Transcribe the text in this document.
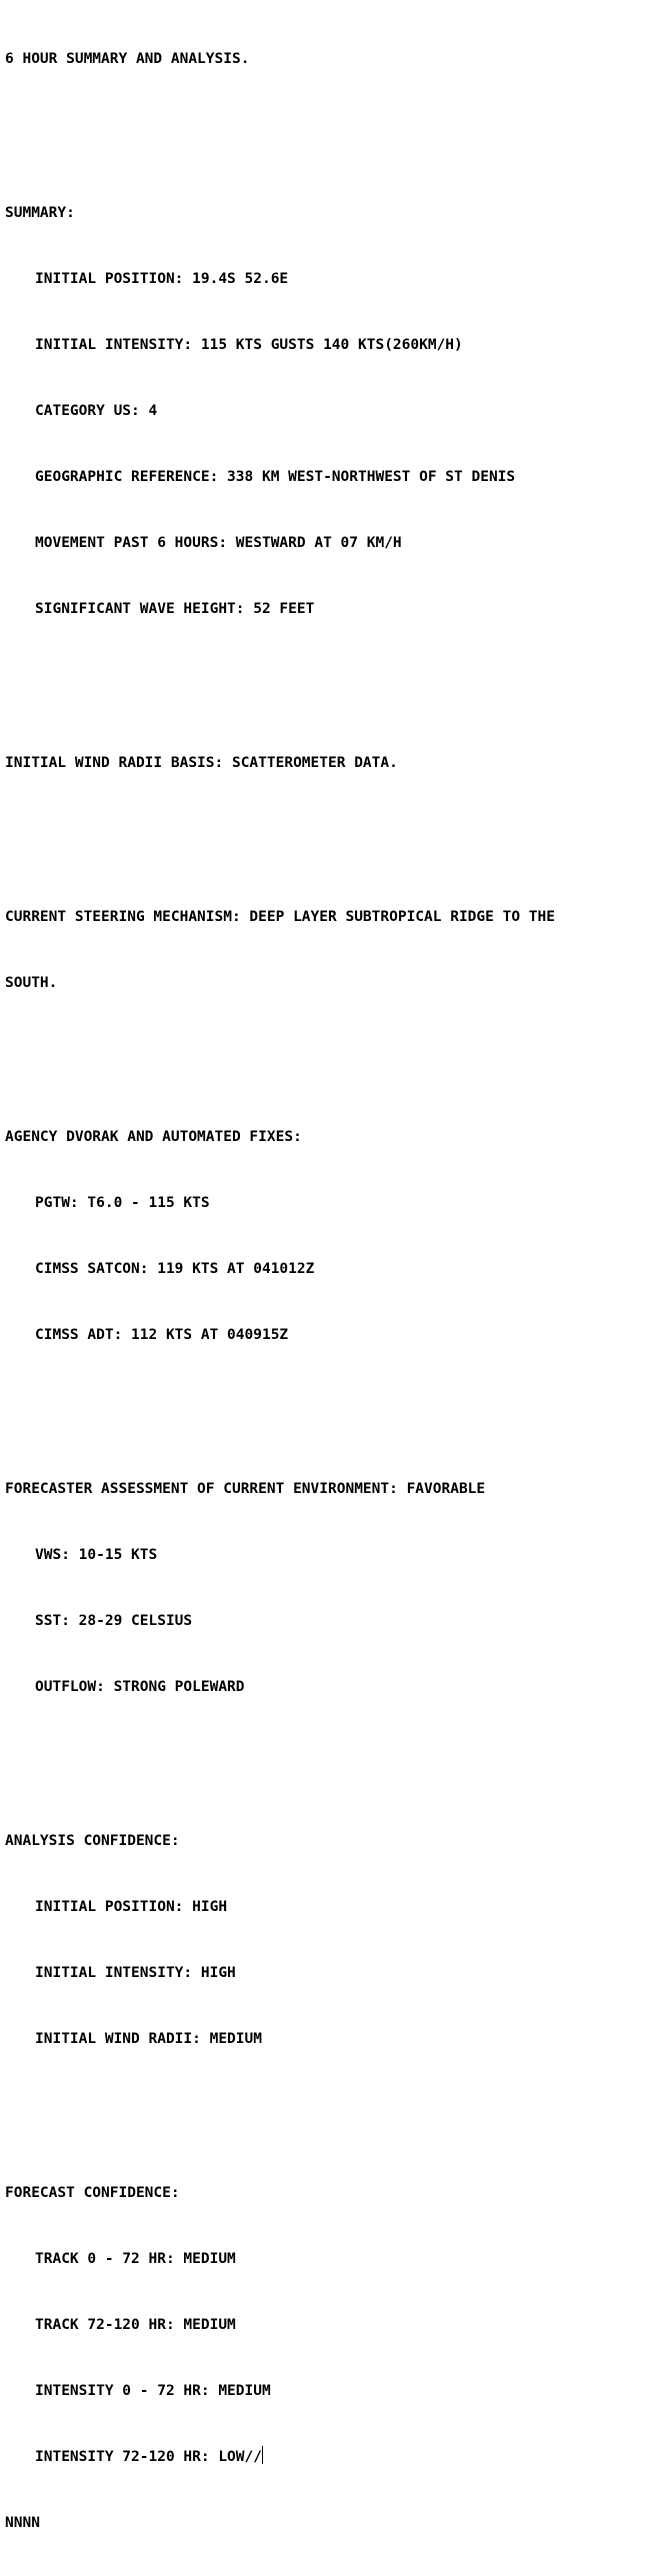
6 HOUR SUMMARY AND ANALYSIS.

SUMMARY:

INITIAL POSITION: 19.4S 52.6E

INITIAL INTENSITY: 115 KTS GUSTS 140 KTS(260KM/H)

CATEGORY US: 4

GEOGRAPHIC REFERENCE: 338 KM WEST-NORTHWEST OF ST DENIS

MOVEMENT PAST 6 HOURS: WESTWARD AT 07 KM/H

SIGNIFICANT WAVE HEIGHT: 52 FEET

INITIAL WIND RADII BASIS: SCATTEROMETER DATA.

CURRENT STEERING MECHANISM: DEEP LAYER SUBTROPICAL RIDGE TO THE

SOUTH.

AGENCY DVORAK AND AUTOMATED FIXES:

PGTW: T6.0 - 115 KTS

CIMSS SATCON: 119 KTS AT 041012Z

CIMSS ADT: 112 KTS AT 040915Z

FORECASTER ASSESSMENT OF CURRENT ENVIRONMENT: FAVORABLE

VWS: 10-15 KTS

SST: 28-29 CELSIUS

OUTFLOW: STRONG POLEWARD

ANALYSIS CONFIDENCE:

INITIAL POSITION: HIGH

INITIAL INTENSITY: HIGH

INITIAL WIND RADII: MEDIUM

FORECAST CONFIDENCE:

TRACK 0 - 72 HR: MEDIUM

TRACK 72-120 HR: MEDIUM

INTENSITY 0 - 72 HR: MEDIUM

INTENSITY 72-120 HR: LOW//

NNNN
